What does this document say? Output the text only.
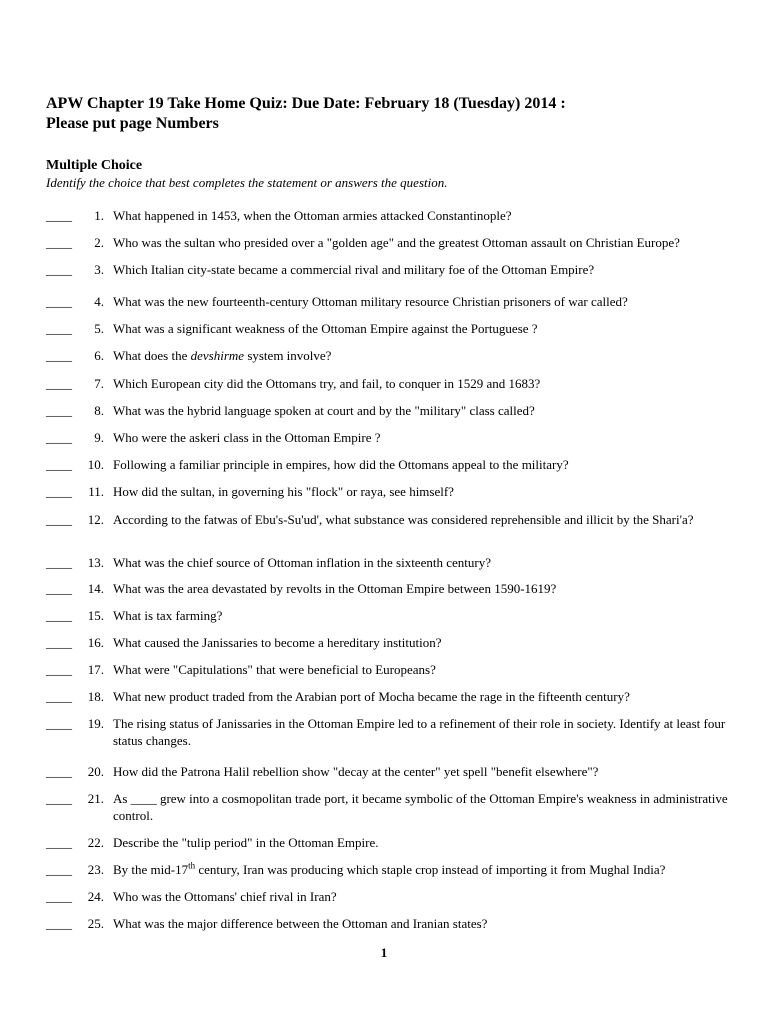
APW Chapter 19 Take Home Quiz: Due Date: February 18 (Tuesday) 2014 :
Please put page Numbers
Multiple Choice
Identify the choice that best completes the statement or answers the question.
____	1. What happened in 1453, when the Ottoman armies attacked Constantinople?
____	2. Who was the sultan who presided over a "golden age" and the greatest Ottoman assault on Christian Europe?
____	3. Which Italian city-state became a commercial rival and military foe of the Ottoman Empire?
____	4. What was the new fourteenth-century Ottoman military resource Christian prisoners of war called?
____	5. What was a significant weakness of the Ottoman Empire against the Portuguese ?
____	6. What does the devshirme system involve?
____	7. Which European city did the Ottomans try, and fail, to conquer in 1529 and 1683?
____	8. What was the hybrid language spoken at court and by the "military" class called?
____	9. Who were the askeri class in the Ottoman Empire ?
____	10. Following a familiar principle in empires, how did the Ottomans appeal to the military?
____	11. How did the sultan, in governing his "flock" or raya, see himself?
____	12. According to the fatwas of Ebu's-Su'ud', what substance was considered reprehensible and illicit by the Shari'a?
____	13. What was the chief source of Ottoman inflation in the sixteenth century?
____	14. What was the area devastated by revolts in the Ottoman Empire between 1590-1619?
____	15. What is tax farming?
____	16. What caused the Janissaries to become a hereditary institution?
____	17. What were "Capitulations" that were beneficial to Europeans?
____	18. What new product traded from the Arabian port of Mocha became the rage in the fifteenth century?
____	19. The rising status of Janissaries in the Ottoman Empire led to a refinement of their role in society. Identify at least four status changes.
____	20. How did the Patrona Halil rebellion show "decay at the center" yet spell "benefit elsewhere"?
____	21. As ____ grew into a cosmopolitan trade port, it became symbolic of the Ottoman Empire's weakness in administrative control.
____	22. Describe the "tulip period" in the Ottoman Empire.
____	23. By the mid-17th century, Iran was producing which staple crop instead of importing it from Mughal India?
____	24. Who was the Ottomans' chief rival in Iran?
____	25. What was the major difference between the Ottoman and Iranian states?
1
